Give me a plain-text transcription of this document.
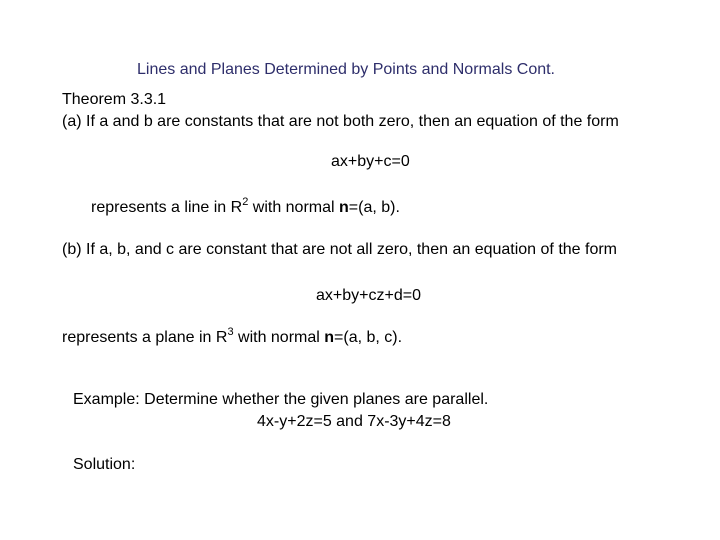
Lines and Planes Determined by Points and Normals Cont.
Theorem 3.3.1
(a) If a and b are constants that are not both zero, then an equation of the form
ax+by+c=0
represents a line in $R^2$ with normal n=(a, b).
(b) If a, b, and c are constant that are not all zero, then an equation of the form
ax+by+cz+d=0
represents a plane in $R^3$ with normal n=(a, b, c).
Example: Determine whether the given planes are parallel.
4x-y+2z=5 and 7x-3y+4z=8
Solution:
